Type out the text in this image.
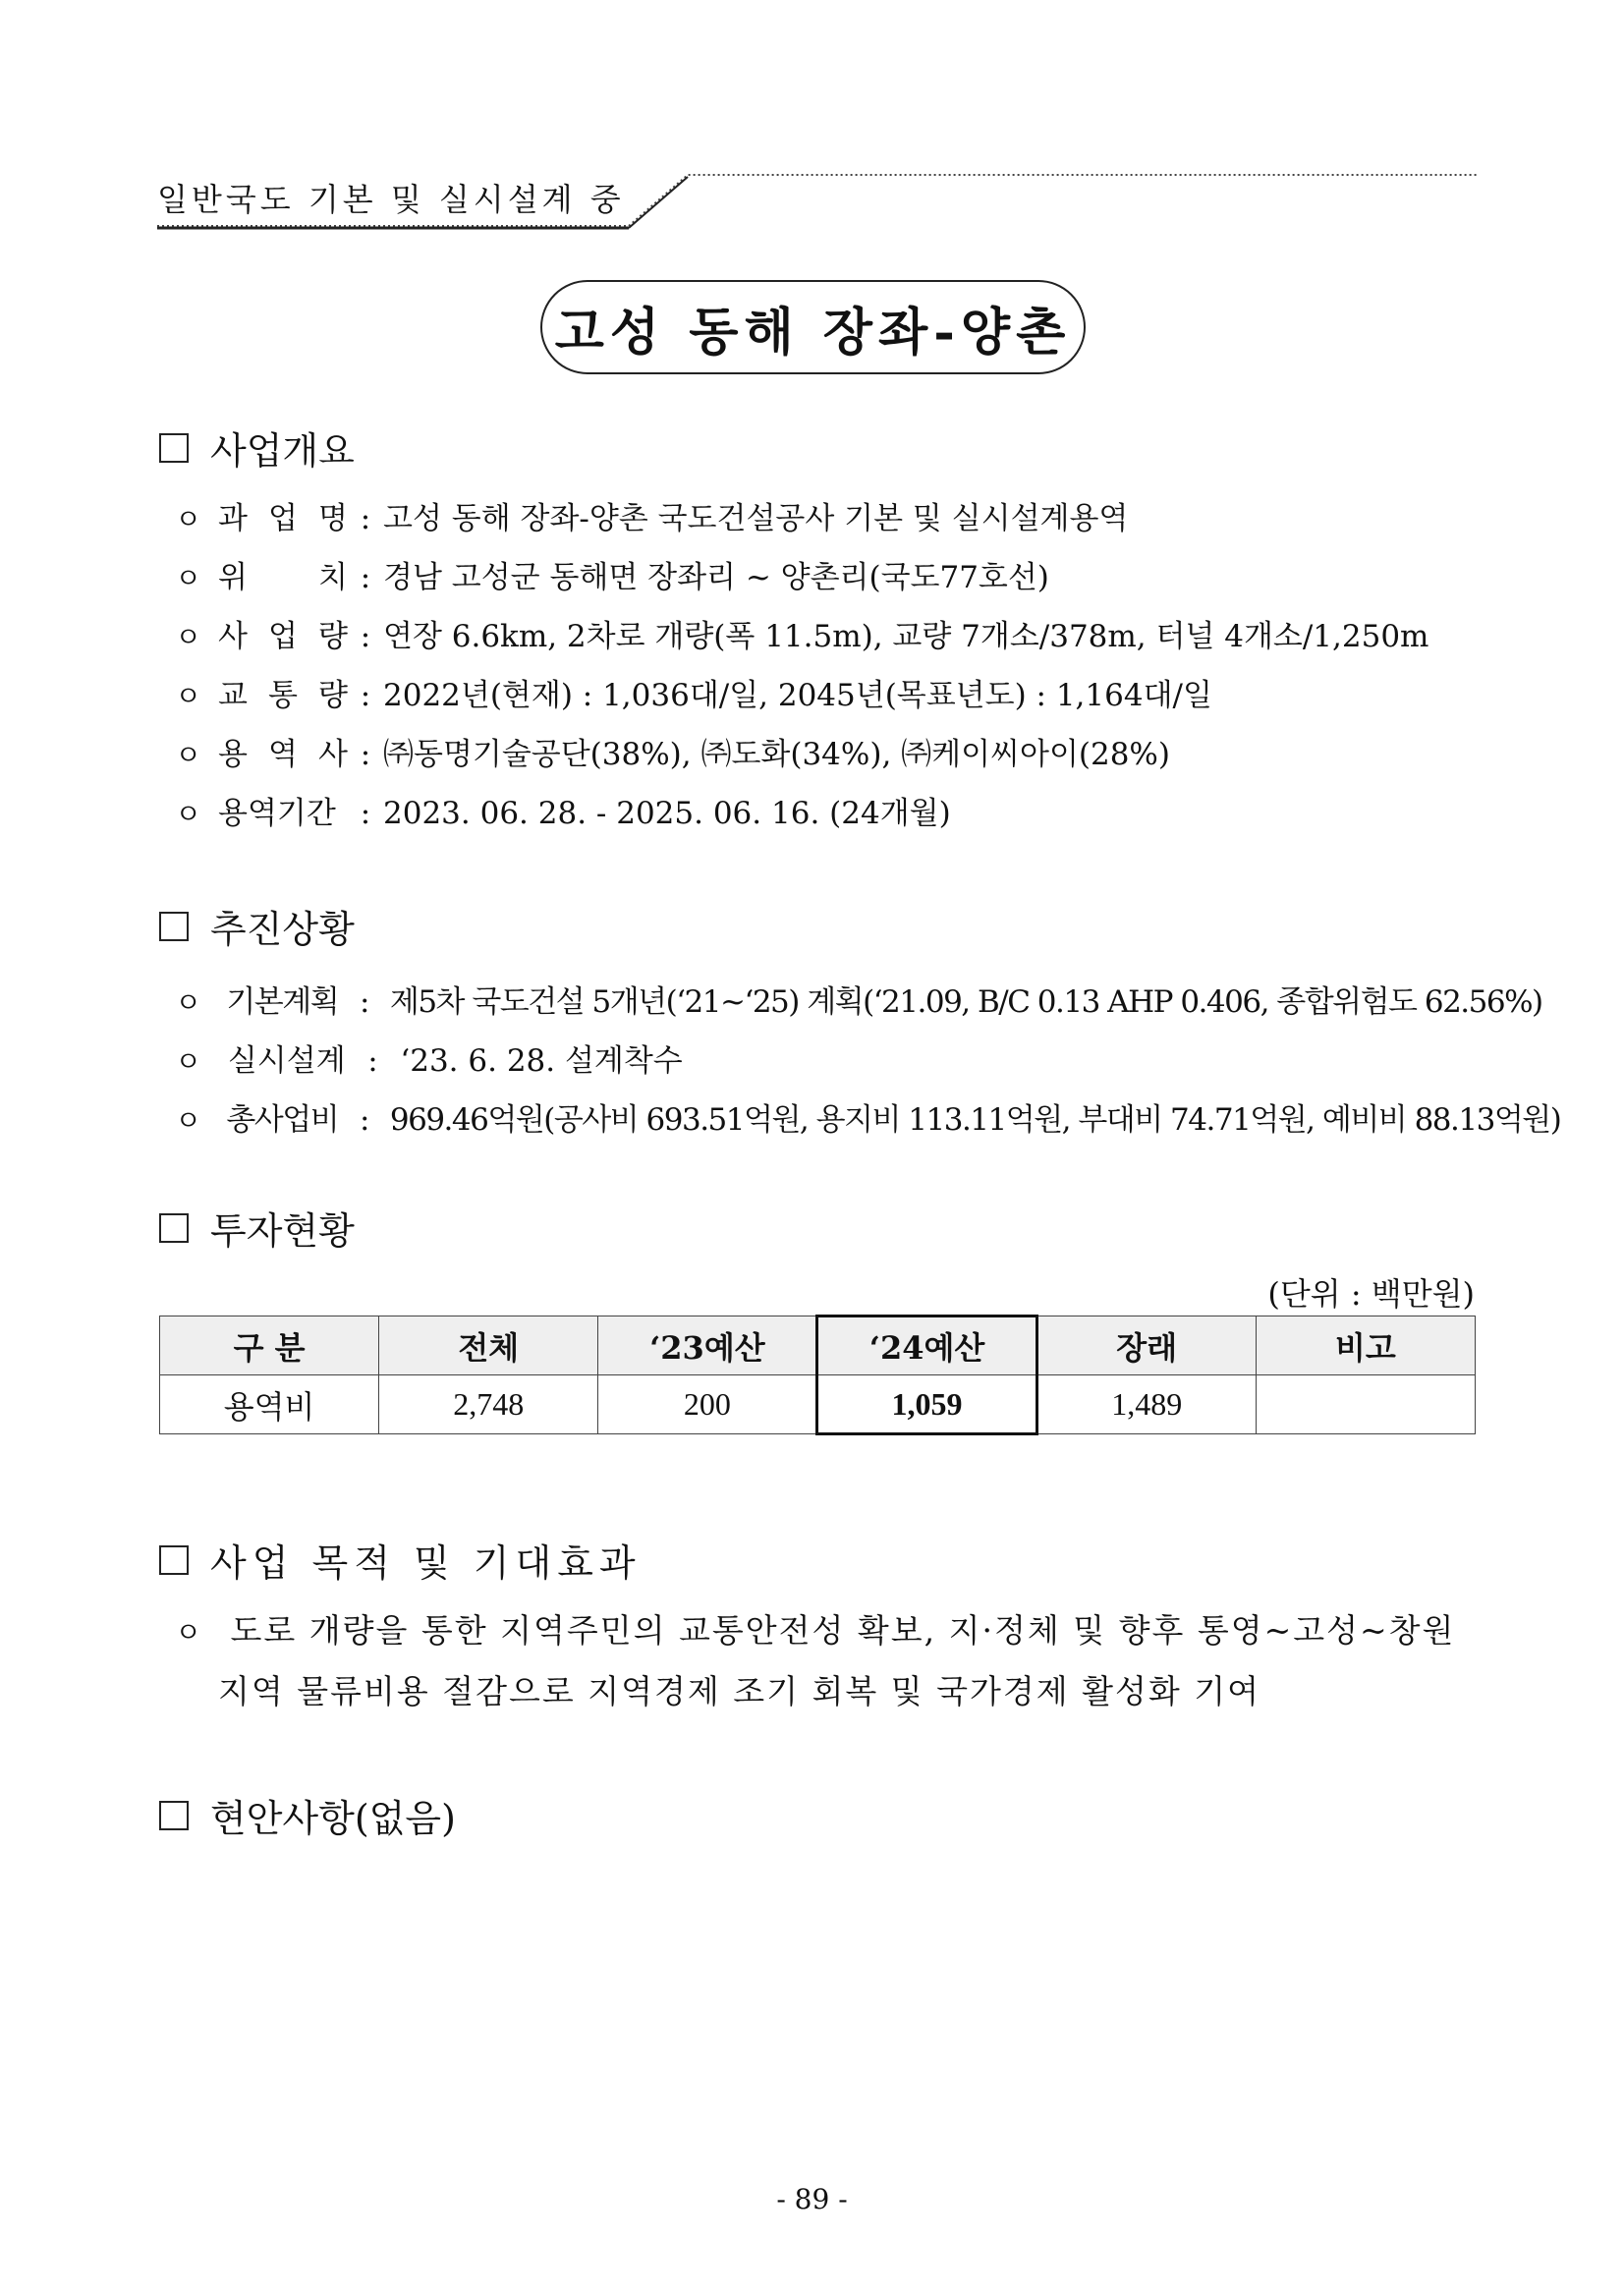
일반국도 기본 및 실시설계 중
고성 동해 장좌-양촌
사업개요
ㅇ 과 업 명 : 고성 동해 장좌-양촌 국도건설공사 기본 및 실시설계용역
ㅇ 위 치 : 경남 고성군 동해면 장좌리 ~ 양촌리(국도77호선)
ㅇ 사 업 량 : 연장 6.6km, 2차로 개량(폭 11.5m), 교량 7개소/378m, 터널 4개소/1,250m
ㅇ 교 통 량 : 2022년(현재) : 1,036대/일, 2045년(목표년도) : 1,164대/일
ㅇ 용 역 사 : ㈜동명기술공단(38%), ㈜도화(34%), ㈜케이씨아이(28%)
ㅇ 용역기간 : 2023. 06. 28. - 2025. 06. 16. (24개월)
추진상황
ㅇ 기본계획 : 제5차 국도건설 5개년(‘21~‘25) 계획(‘21.09, B/C 0.13 AHP 0.406, 종합위험도 62.56%)
ㅇ 실시설계 : ‘23. 6. 28. 설계착수
ㅇ 총사업비 : 969.46억원(공사비 693.51억원, 용지비 113.11억원, 부대비 74.71억원, 예비비 88.13억원)
투자현황
(단위 : 백만원)
구 분	전체	‘23예산	‘24예산	장래	비고
용역비	2,748	200	1,059	1,489	
사업 목적 및 기대효과
ㅇ 도로 개량을 통한 지역주민의 교통안전성 확보, 지·정체 및 향후 통영~고성~창원
지역 물류비용 절감으로 지역경제 조기 회복 및 국가경제 활성화 기여
현안사항(없음)
- 89 -
